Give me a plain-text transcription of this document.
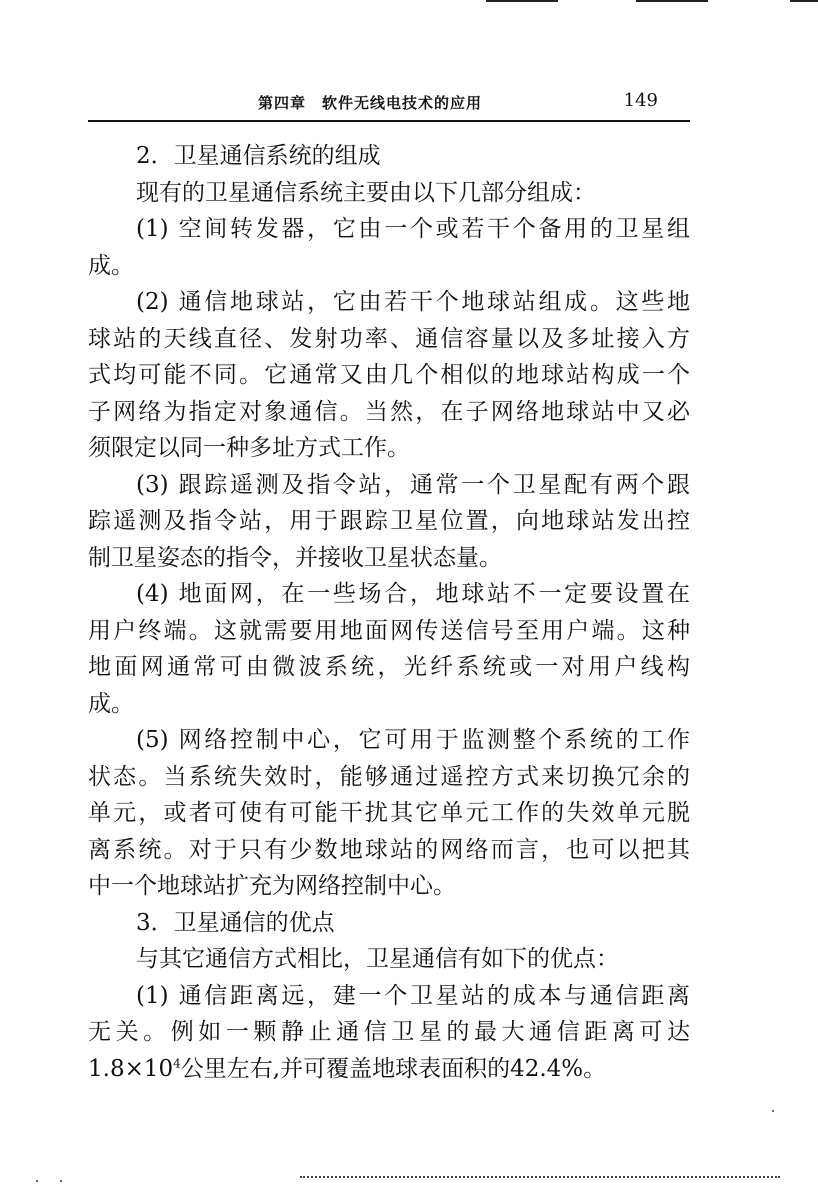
第四章　软件无线电技术的应用	149
2．卫星通信系统的组成
现有的卫星通信系统主要由以下几部分组成：
(1) 空间转发器，它由一个或若干个备用的卫星组
成。
(2) 通信地球站，它由若干个地球站组成。这些地
球站的天线直径、发射功率、通信容量以及多址接入方
式均可能不同。它通常又由几个相似的地球站构成一个
子网络为指定对象通信。当然，在子网络地球站中又必
须限定以同一种多址方式工作。
(3) 跟踪遥测及指令站，通常一个卫星配有两个跟
踪遥测及指令站，用于跟踪卫星位置，向地球站发出控
制卫星姿态的指令，并接收卫星状态量。
(4) 地面网，在一些场合，地球站不一定要设置在
用户终端。这就需要用地面网传送信号至用户端。这种
地面网通常可由微波系统，光纤系统或一对用户线构
成。
(5) 网络控制中心，它可用于监测整个系统的工作
状态。当系统失效时，能够通过遥控方式来切换冗余的
单元，或者可使有可能干扰其它单元工作的失效单元脱
离系统。对于只有少数地球站的网络而言，也可以把其
中一个地球站扩充为网络控制中心。
3．卫星通信的优点
与其它通信方式相比，卫星通信有如下的优点：
(1) 通信距离远，建一个卫星站的成本与通信距离
无关。例如一颗静止通信卫星的最大通信距离可达
$1.8\times 10^4$公里左右,并可覆盖地球表面积的42.4%。
